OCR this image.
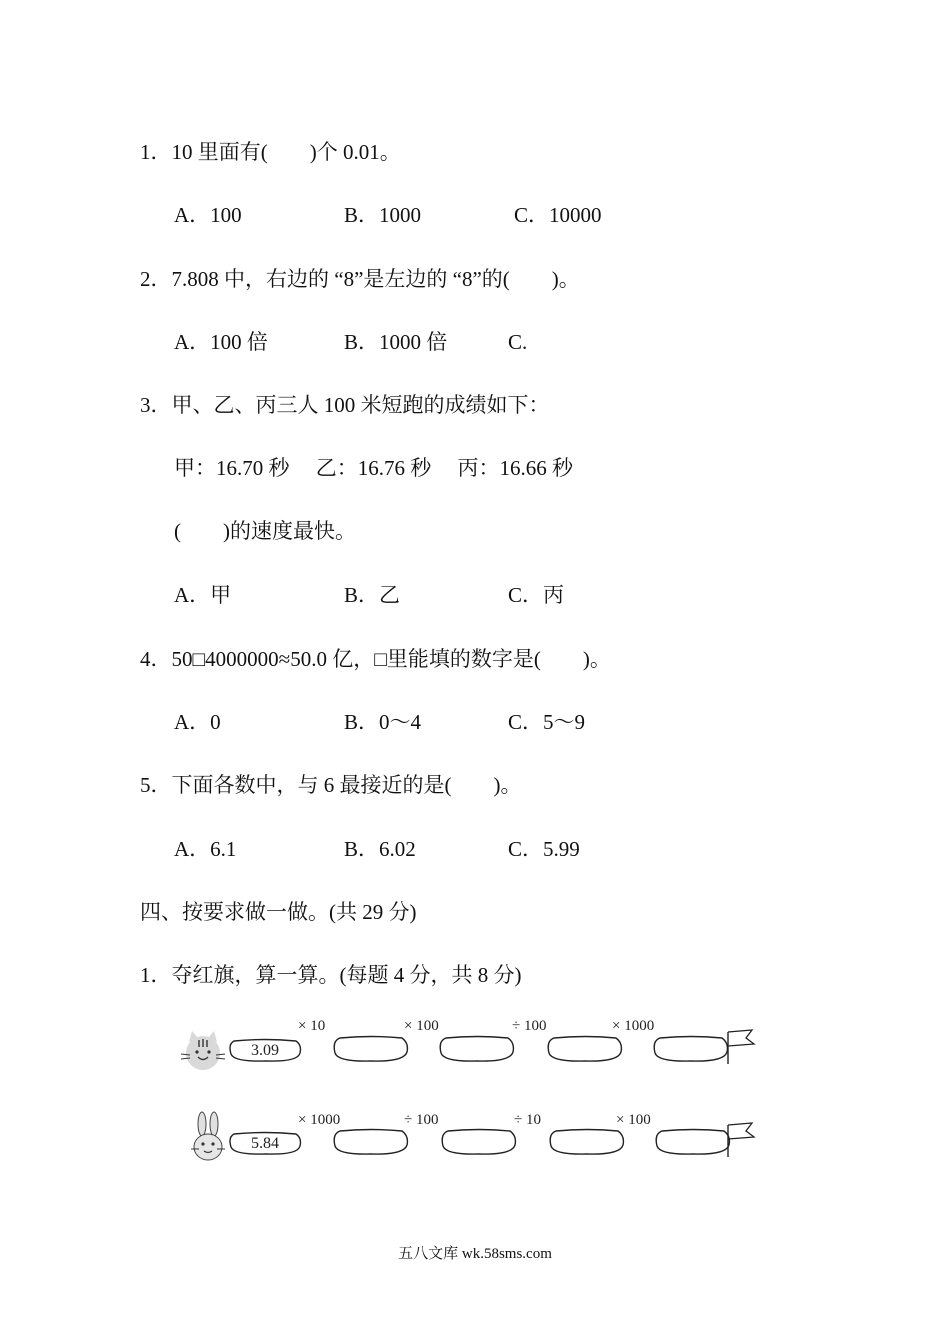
1．10 里面有(　　)个 0.01。
A．100	B．1000	C．10000
2．7.808 中，右边的 “8”是左边的 “8”的(　　)。
A．100 倍	B．1000 倍	C.
3．甲、乙、丙三人 100 米短跑的成绩如下：
甲：16.70 秒　 乙：16.76 秒　 丙：16.66 秒
(　　)的速度最快。
A．甲	B．乙	C．丙
4．50□4000000≈50.0 亿，□里能填的数字是(　　)。
A．0	B．0～4	C．5～9
5．下面各数中，与 6 最接近的是(　　)。
A．6.1	B．6.02	C．5.99
四、按要求做一做。(共 29 分)
1．夺红旗，算一算。(每题 4 分，共 8 分)
3.09
× 10	× 100	÷ 100	× 1000
5.84
× 1000	÷ 100	÷ 10	× 100
五八文库 wk.58sms.com
